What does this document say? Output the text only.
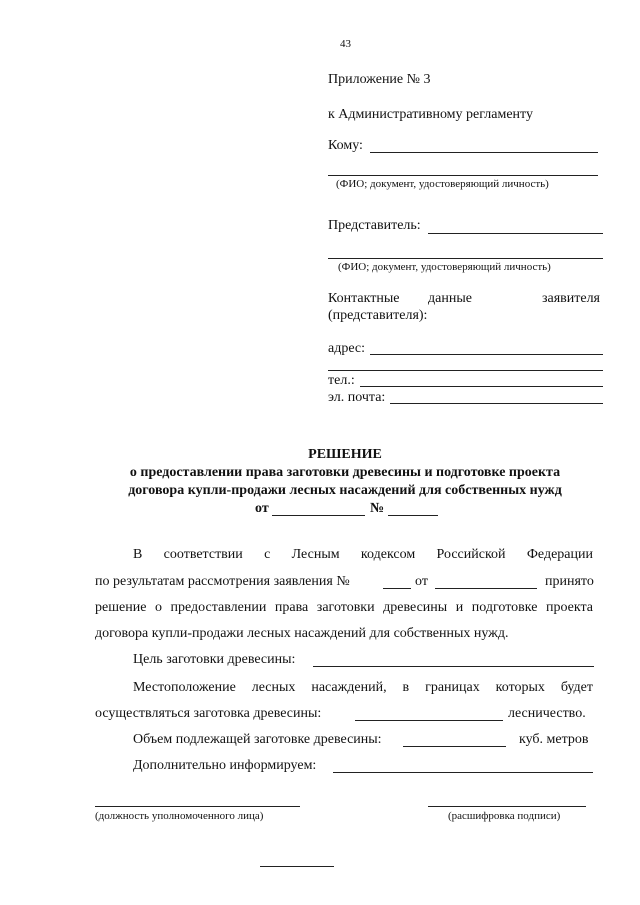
43
Приложение № 3
к Административному регламенту
Кому:
(ФИО; документ, удостоверяющий личность)
Представитель:
(ФИО; документ, удостоверяющий личность)
Контактные данные	заявителя
(представителя):
адрес:
тел.:
эл. почта:
РЕШЕНИЕ
о предоставлении права заготовки древесины и подготовке проекта
договора купли-продажи лесных насаждений для собственных нужд
от	№
В соответствии с Лесным кодексом Российской Федерации
по результатам рассмотрения заявления №	от	принято
решение о предоставлении права заготовки древесины и подготовке проекта
договора купли-продажи лесных насаждений для собственных нужд.
Цель заготовки древесины:
Местоположение лесных насаждений, в границах которых будет
осуществляться заготовка древесины:	лесничество.
Объем подлежащей заготовке древесины:	куб. метров
Дополнительно информируем:
(должность уполномоченного лица)	(расшифровка подписи)
